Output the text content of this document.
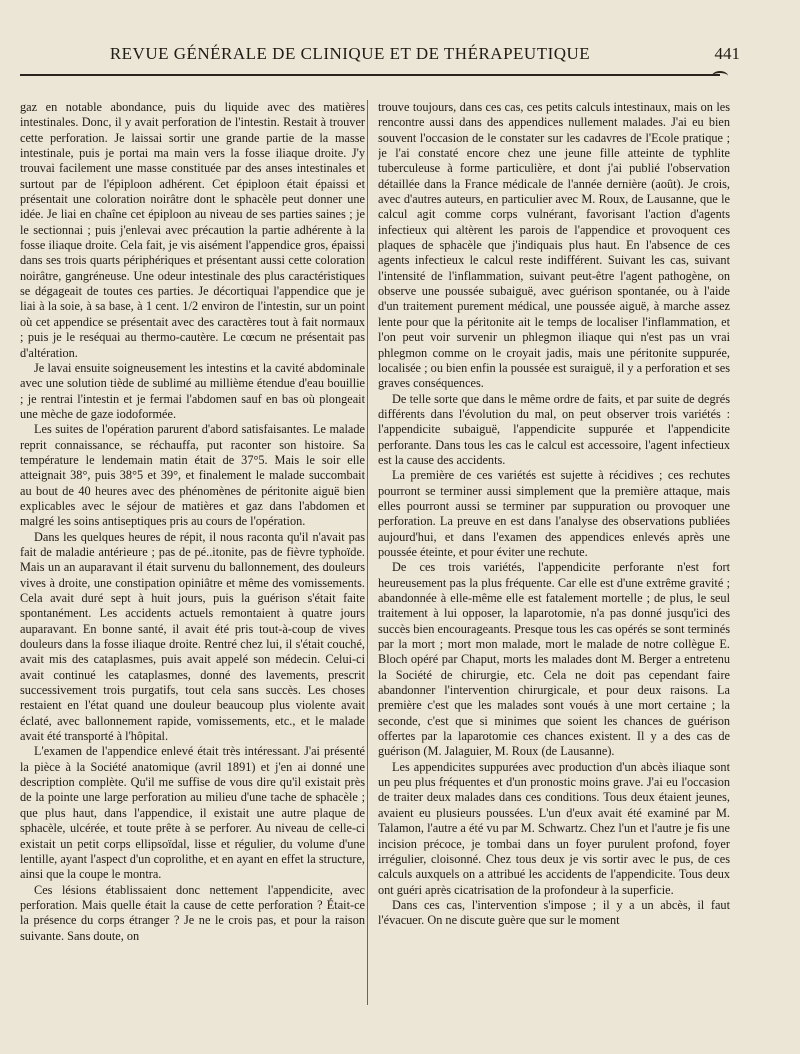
REVUE GÉNÉRALE DE CLINIQUE ET DE THÉRAPEUTIQUE	441

gaz en notable abondance, puis du liquide avec des matières intestinales. Donc, il y avait perforation de l'intestin. Restait à trouver cette perforation. Je laissai sortir une grande partie de la masse intestinale, puis je portai ma main vers la fosse iliaque droite. J'y trouvai facilement une masse constituée par des anses intestinales et surtout par de l'épiploon adhérent. Cet épiploon était épaissi et présentait une coloration noirâtre dont le sphacèle peut donner une idée. Je liai en chaîne cet épiploon au niveau de ses parties saines ; je le sectionnai ; puis j'enlevai avec précaution la partie adhérente à la fosse iliaque droite. Cela fait, je vis aisément l'appendice gros, épaissi dans ses trois quarts périphériques et présentant aussi cette coloration noirâtre, gangréneuse. Une odeur intestinale des plus caractéristiques se dégageait de toutes ces parties. Je décortiquai l'appendice que je liai à la soie, à sa base, à 1 cent. 1/2 environ de l'intestin, sur un point où cet appendice se présentait avec des caractères tout à fait normaux ; puis je le reséquai au thermo-cautère. Le cœcum ne présentait pas d'altération.

Je lavai ensuite soigneusement les intestins et la cavité abdominale avec une solution tiède de sublimé au millième étendue d'eau bouillie ; je rentrai l'intestin et je fermai l'abdomen sauf en bas où plongeait une mèche de gaze iodoformée.

Les suites de l'opération parurent d'abord satisfaisantes. Le malade reprit connaissance, se réchauffa, put raconter son histoire. Sa température le lendemain matin était de 37°5. Mais le soir elle atteignait 38°, puis 38°5 et 39°, et finalement le malade succombait au bout de 40 heures avec des phénomènes de péritonite aiguë bien explicables avec le séjour de matières et gaz dans l'abdomen et malgré les soins antiseptiques pris au cours de l'opération.

Dans les quelques heures de répit, il nous raconta qu'il n'avait pas fait de maladie antérieure ; pas de pé..itonite, pas de fièvre typhoïde. Mais un an auparavant il était survenu du ballonnement, des douleurs vives à droite, une constipation opiniâtre et même des vomissements. Cela avait duré sept à huit jours, puis la guérison s'était faite spontanément. Les accidents actuels remontaient à quatre jours auparavant. En bonne santé, il avait été pris tout-à-coup de vives douleurs dans la fosse iliaque droite. Rentré chez lui, il s'était couché, avait mis des cataplasmes, puis avait appelé son médecin. Celui-ci avait continué les cataplasmes, donné des lavements, prescrit successivement trois purgatifs, tout cela sans succès. Les choses restaient en l'état quand une douleur beaucoup plus violente avait éclaté, avec ballonnement rapide, vomissements, etc., et le malade avait été transporté à l'hôpital.

L'examen de l'appendice enlevé était très intéressant. J'ai présenté la pièce à la Société anatomique (avril 1891) et j'en ai donné une description complète. Qu'il me suffise de vous dire qu'il existait près de la pointe une large perforation au milieu d'une tache de sphacèle ; que plus haut, dans l'appendice, il existait une autre plaque de sphacèle, ulcérée, et toute prête à se perforer. Au niveau de celle-ci existait un petit corps ellipsoïdal, lisse et régulier, du volume d'une lentille, ayant l'aspect d'un coprolithe, et en ayant en effet la structure, ainsi que la coupe le montra.

Ces lésions établissaient donc nettement l'appendicite, avec perforation. Mais quelle était la cause de cette perforation ? Était-ce la présence du corps étranger ? Je ne le crois pas, et pour la raison suivante. Sans doute, on

trouve toujours, dans ces cas, ces petits calculs intestinaux, mais on les rencontre aussi dans des appendices nullement malades. J'ai eu bien souvent l'occasion de le constater sur les cadavres de l'Ecole pratique ; je l'ai constaté encore chez une jeune fille atteinte de typhlite tuberculeuse à forme particulière, et dont j'ai publié l'observation détaillée dans la France médicale de l'année dernière (août). Je crois, avec d'autres auteurs, en particulier avec M. Roux, de Lausanne, que le calcul agit comme corps vulnérant, favorisant l'action d'agents infectieux qui altèrent les parois de l'appendice et provoquent ces plaques de sphacèle que j'indiquais plus haut. En l'absence de ces agents infectieux le calcul reste indifférent. Suivant les cas, suivant l'intensité de l'inflammation, suivant peut-être l'agent pathogène, on observe une poussée subaiguë, avec guérison spontanée, ou à l'aide d'un traitement purement médical, une poussée aiguë, à marche assez lente pour que la péritonite ait le temps de localiser l'inflammation, et l'on peut voir survenir un phlegmon iliaque qui n'est pas un vrai phlegmon comme on le croyait jadis, mais une péritonite suppurée, localisée ; ou bien enfin la poussée est suraiguë, il y a perforation et ses graves conséquences.

De telle sorte que dans le même ordre de faits, et par suite de degrés différents dans l'évolution du mal, on peut observer trois variétés : l'appendicite subaiguë, l'appendicite suppurée et l'appendicite perforante. Dans tous les cas le calcul est accessoire, l'agent infectieux est la cause des accidents.

La première de ces variétés est sujette à récidives ; ces rechutes pourront se terminer aussi simplement que la première attaque, mais elles pourront aussi se terminer par suppuration ou provoquer une perforation. La preuve en est dans l'analyse des observations publiées aujourd'hui, et dans l'examen des appendices enlevés après une poussée éteinte, et pour éviter une rechute.

De ces trois variétés, l'appendicite perforante n'est fort heureusement pas la plus fréquente. Car elle est d'une extrême gravité ; abandonnée à elle-même elle est fatalement mortelle ; de plus, le seul traitement à lui opposer, la laparotomie, n'a pas donné jusqu'ici des succès bien encourageants. Presque tous les cas opérés se sont terminés par la mort ; mort mon malade, mort le malade de notre collègue E. Bloch opéré par Chaput, morts les malades dont M. Berger a entretenu la Société de chirurgie, etc. Cela ne doit pas cependant faire abandonner l'intervention chirurgicale, et pour deux raisons. La première c'est que les malades sont voués à une mort certaine ; la seconde, c'est que si minimes que soient les chances de guérison offertes par la laparotomie ces chances existent. Il y a des cas de guérison (M. Jalaguier, M. Roux (de Lausanne).

Les appendicites suppurées avec production d'un abcès iliaque sont un peu plus fréquentes et d'un pronostic moins grave. J'ai eu l'occasion de traiter deux malades dans ces conditions. Tous deux étaient jeunes, avaient eu plusieurs poussées. L'un d'eux avait été examiné par M. Talamon, l'autre a été vu par M. Schwartz. Chez l'un et l'autre je fis une incision précoce, je tombai dans un foyer purulent profond, foyer irrégulier, cloisonné. Chez tous deux je vis sortir avec le pus, de ces calculs auxquels on a attribué les accidents de l'appendicite. Tous deux ont guéri après cicatrisation de la profondeur à la superficie.

Dans ces cas, l'intervention s'impose ; il y a un abcès, il faut l'évacuer. On ne discute guère que sur le moment
